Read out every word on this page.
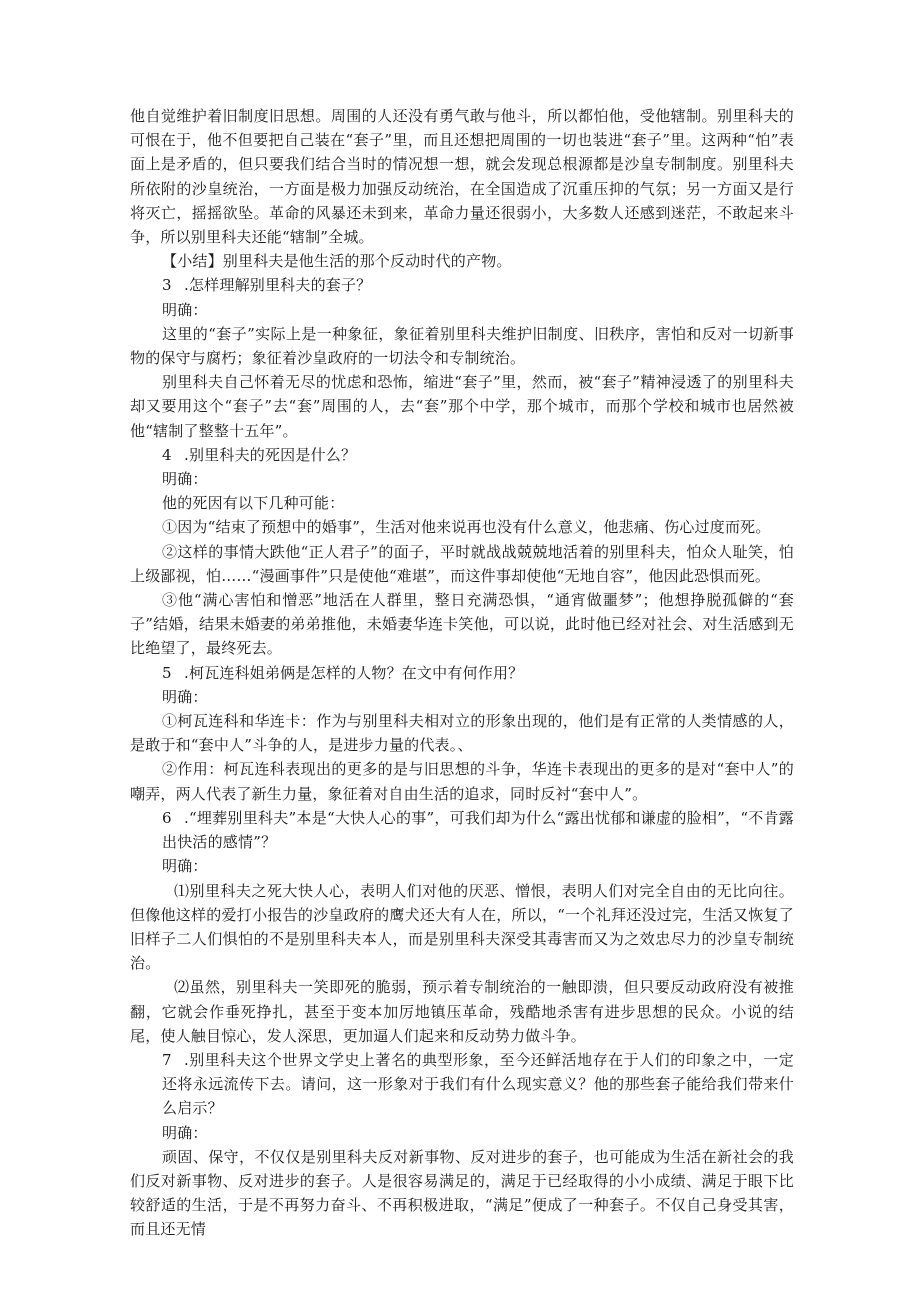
他自觉维护着旧制度旧思想。周围的人还没有勇气敢与他斗，所以都怕他，受他辖制。别里科夫的可恨在于，他不但要把自己装在“套子”里，而且还想把周围的一切也装进“套子”里。这两种“怕”表面上是矛盾的，但只要我们结合当时的情况想一想，就会发现总根源都是沙皇专制制度。别里科夫所依附的沙皇统治，一方面是极力加强反动统治，在全国造成了沉重压抑的气氛；另一方面又是行将灭亡，摇摇欲坠。革命的风暴还未到来，革命力量还很弱小，大多数人还感到迷茫，不敢起来斗争，所以别里科夫还能“辖制”全城。

【小结】别里科夫是他生活的那个反动时代的产物。

3 .怎样理解别里科夫的套子？

明确：

这里的“套子”实际上是一种象征，象征着别里科夫维护旧制度、旧秩序，害怕和反对一切新事物的保守与腐朽；象征着沙皇政府的一切法令和专制统治。

别里科夫自己怀着无尽的忧虑和恐怖，缩进“套子”里，然而，被“套子”精神浸透了的别里科夫却又要用这个“套子”去“套”周围的人，去“套”那个中学，那个城市，而那个学校和城市也居然被他“辖制了整整十五年”。

4 .别里科夫的死因是什么？

明确：

他的死因有以下几种可能：

①因为“结束了预想中的婚事”，生活对他来说再也没有什么意义，他悲痛、伤心过度而死。

②这样的事情大跌他“正人君子”的面子，平时就战战兢兢地活着的别里科夫，怕众人耻笑，怕上级鄙视，怕……“漫画事件”只是使他“难堪”，而这件事却使他“无地自容”，他因此恐惧而死。

③他“满心害怕和憎恶”地活在人群里，整日充满恐惧，“通宵做噩梦”；他想挣脱孤僻的“套子”结婚，结果未婚妻的弟弟推他，未婚妻华连卡笑他，可以说，此时他已经对社会、对生活感到无比绝望了，最终死去。

5 .柯瓦连科姐弟俩是怎样的人物？在文中有何作用？

明确：

①柯瓦连科和华连卡：作为与别里科夫相对立的形象出现的，他们是有正常的人类情感的人，是敢于和“套中人”斗争的人，是进步力量的代表。、

②作用：柯瓦连科表现出的更多的是与旧思想的斗争，华连卡表现出的更多的是对“套中人”的嘲弄，两人代表了新生力量，象征着对自由生活的追求，同时反衬“套中人”。

6 .“埋葬别里科夫”本是“大快人心的事”，可我们却为什么“露出忧郁和谦虚的脸相”，“不肯露出快活的感情”？

明确：

⑴别里科夫之死大快人心，表明人们对他的厌恶、憎恨，表明人们对完全自由的无比向往。但像他这样的爱打小报告的沙皇政府的鹰犬还大有人在，所以，“一个礼拜还没过完，生活又恢复了旧样子二人们惧怕的不是别里科夫本人，而是别里科夫深受其毒害而又为之效忠尽力的沙皇专制统治。

⑵虽然，别里科夫一笑即死的脆弱，预示着专制统治的一触即溃，但只要反动政府没有被推翻，它就会作垂死挣扎，甚至于变本加厉地镇压革命，残酷地杀害有进步思想的民众。小说的结尾，使人触目惊心，发人深思，更加逼人们起来和反动势力做斗争。

7 .别里科夫这个世界文学史上著名的典型形象，至今还鲜活地存在于人们的印象之中，一定还将永远流传下去。请问，这一形象对于我们有什么现实意义？他的那些套子能给我们带来什么启示？

明确：

顽固、保守，不仅仅是别里科夫反对新事物、反对进步的套子，也可能成为生活在新社会的我们反对新事物、反对进步的套子。人是很容易满足的，满足于已经取得的小小成绩、满足于眼下比较舒适的生活，于是不再努力奋斗、不再积极进取，“满足”便成了一种套子。不仅自己身受其害，而且还无情
